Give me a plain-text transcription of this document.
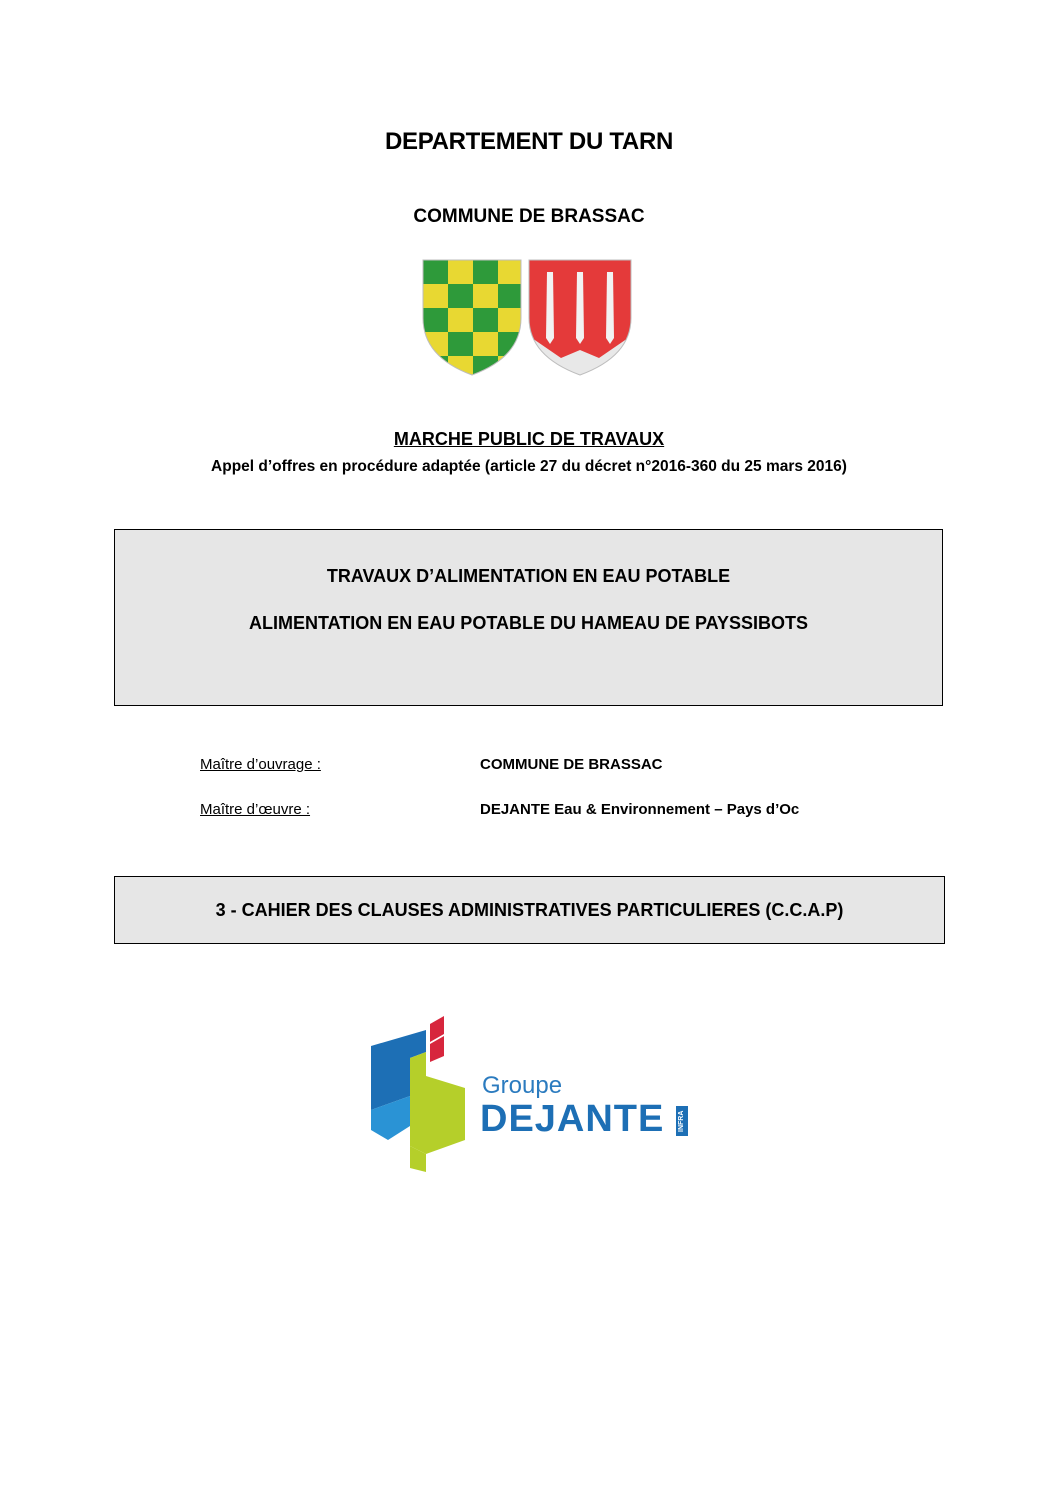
DEPARTEMENT DU TARN
COMMUNE DE BRASSAC
MARCHE PUBLIC DE TRAVAUX
Appel d’offres en procédure adaptée (article 27 du décret n°2016-360 du 25 mars 2016)
TRAVAUX D’ALIMENTATION EN EAU POTABLE
ALIMENTATION EN EAU POTABLE DU HAMEAU DE PAYSSIBOTS
Maître d’ouvrage :	COMMUNE DE BRASSAC
Maître d’œuvre :	DEJANTE Eau & Environnement – Pays d’Oc
3 - CAHIER DES CLAUSES ADMINISTRATIVES PARTICULIERES (C.C.A.P)
Groupe
DEJANTE INFRA
